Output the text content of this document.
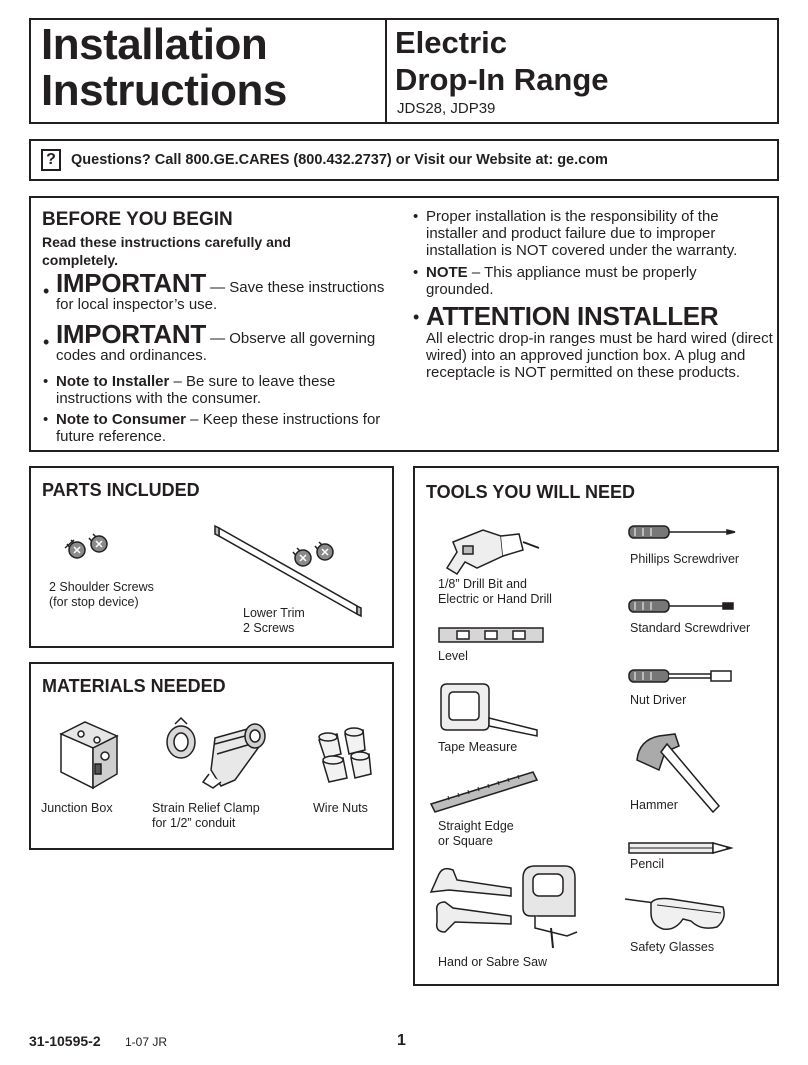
Installation
Instructions
Electric
Drop-In Range
JDS28, JDP39
?	Questions? Call 800.GE.CARES (800.432.2737) or Visit our Website at: ge.com
BEFORE YOU BEGIN
Read these instructions carefully and completely.
• IMPORTANT — Save these instructions for local inspector’s use.
• IMPORTANT — Observe all governing codes and ordinances.
• Note to Installer – Be sure to leave these instructions with the consumer.
• Note to Consumer – Keep these instructions for future reference.
• Proper installation is the responsibility of the installer and product failure due to improper installation is NOT covered under the warranty.
• NOTE – This appliance must be properly grounded.
• ATTENTION INSTALLER
All electric drop-in ranges must be hard wired (direct wired) into an approved junction box. A plug and receptacle is NOT permitted on these products.
PARTS INCLUDED
2 Shoulder Screws
(for stop device)
Lower Trim
2 Screws
MATERIALS NEEDED
Junction Box	Strain Relief Clamp
for 1/2” conduit
Wire Nuts
TOOLS YOU WILL NEED
1/8” Drill Bit and
Electric or Hand Drill
Level
Tape Measure
Straight Edge
or Square
Hand or Sabre Saw
Phillips Screwdriver
Standard Screwdriver
Nut Driver
Hammer
Pencil
Safety Glasses
31-10595-2 1-07 JR	1
